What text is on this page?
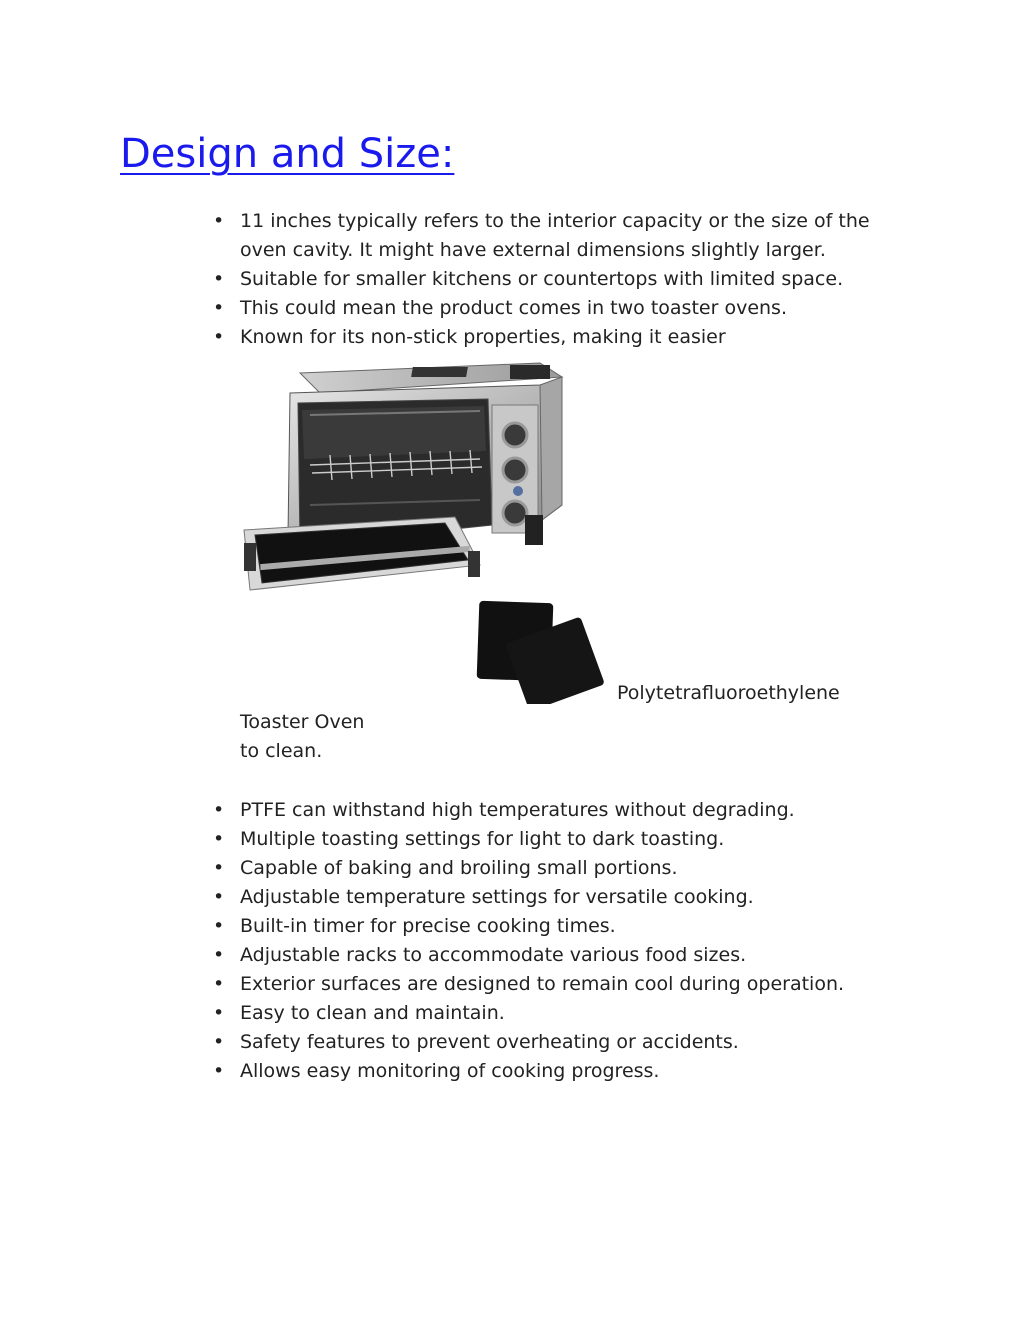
Design and Size:
• 11 inches typically refers to the interior capacity or the size of the oven cavity. It might have external dimensions slightly larger.
• Suitable for smaller kitchens or countertops with limited space.
• This could mean the product comes in two toaster ovens.
• Known for its non-stick properties, making it easier

Polytetrafluoroethylene

Toaster Oven

to clean.

• PTFE can withstand high temperatures without degrading.
• Multiple toasting settings for light to dark toasting.
• Capable of baking and broiling small portions.
• Adjustable temperature settings for versatile cooking.
• Built-in timer for precise cooking times.
• Adjustable racks to accommodate various food sizes.
• Exterior surfaces are designed to remain cool during operation.
• Easy to clean and maintain.
• Safety features to prevent overheating or accidents.
• Allows easy monitoring of cooking progress.
